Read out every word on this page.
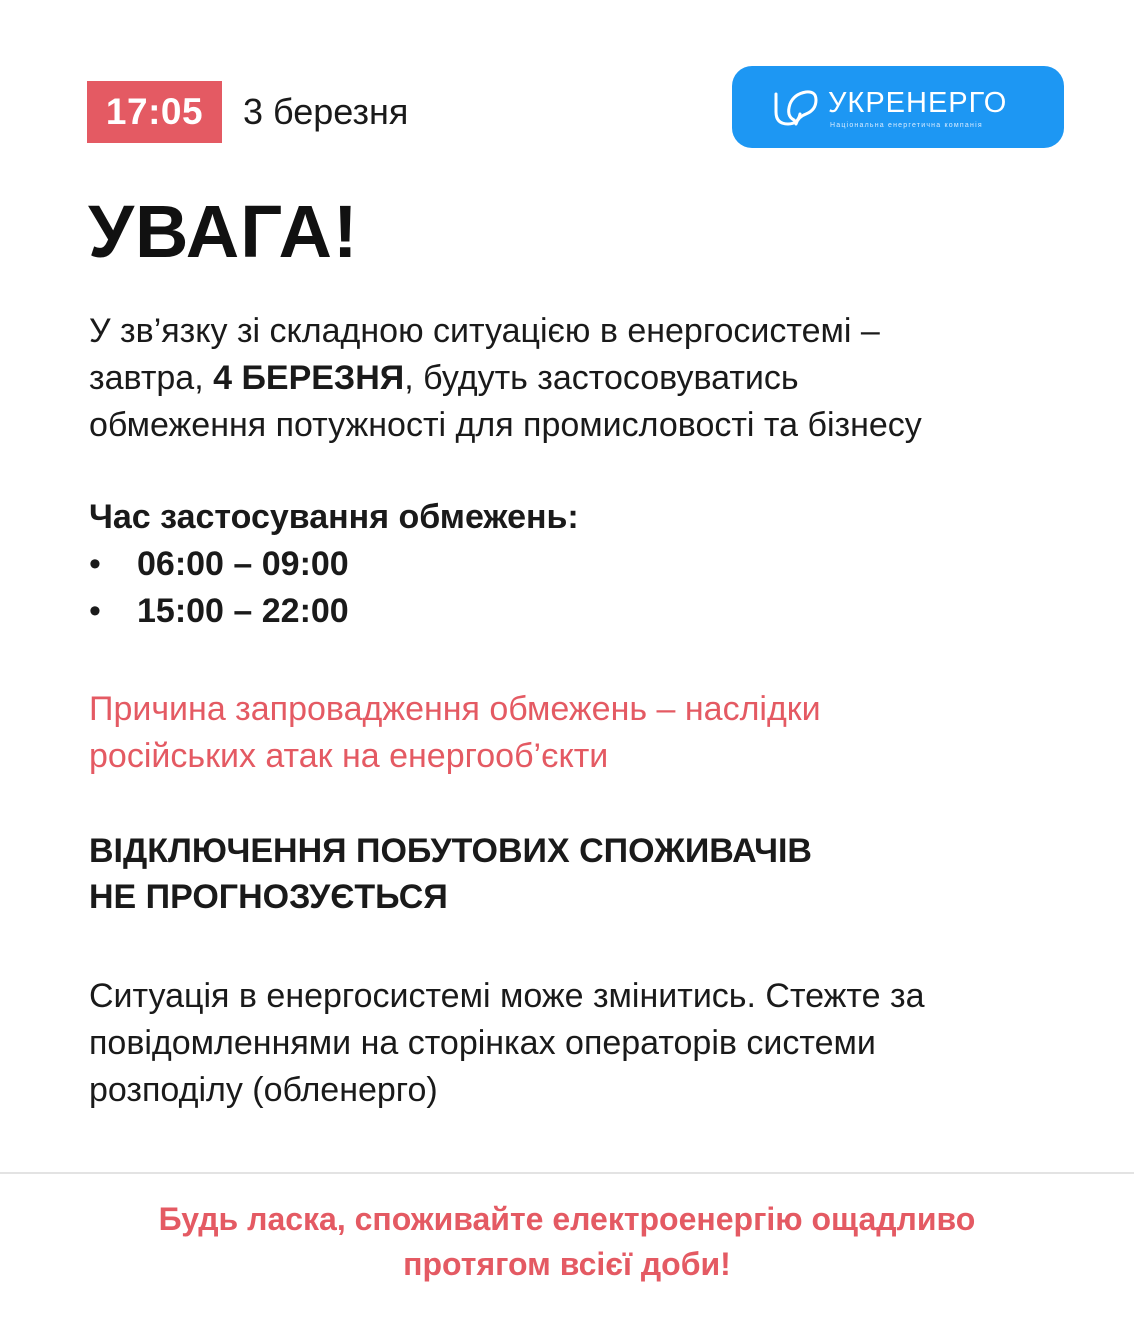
17:05	3 березня	УКРЕНЕРГО
Національна енергетична компанія
УВАГА!
У зв’язку зі складною ситуацією в енергосистемі –
завтра, 4 БЕРЕЗНЯ, будуть застосовуватись
обмеження потужності для промисловості та бізнесу
Час застосування обмежень:
• 06:00 – 09:00
• 15:00 – 22:00
Причина запровадження обмежень – наслідки
російських атак на енергооб’єкти
ВІДКЛЮЧЕННЯ ПОБУТОВИХ СПОЖИВАЧІВ
НЕ ПРОГНОЗУЄТЬСЯ
Ситуація в енергосистемі може змінитись. Стежте за
повідомленнями на сторінках операторів системи
розподілу (обленерго)
Будь ласка, споживайте електроенергію ощадливо
протягом всієї доби!
